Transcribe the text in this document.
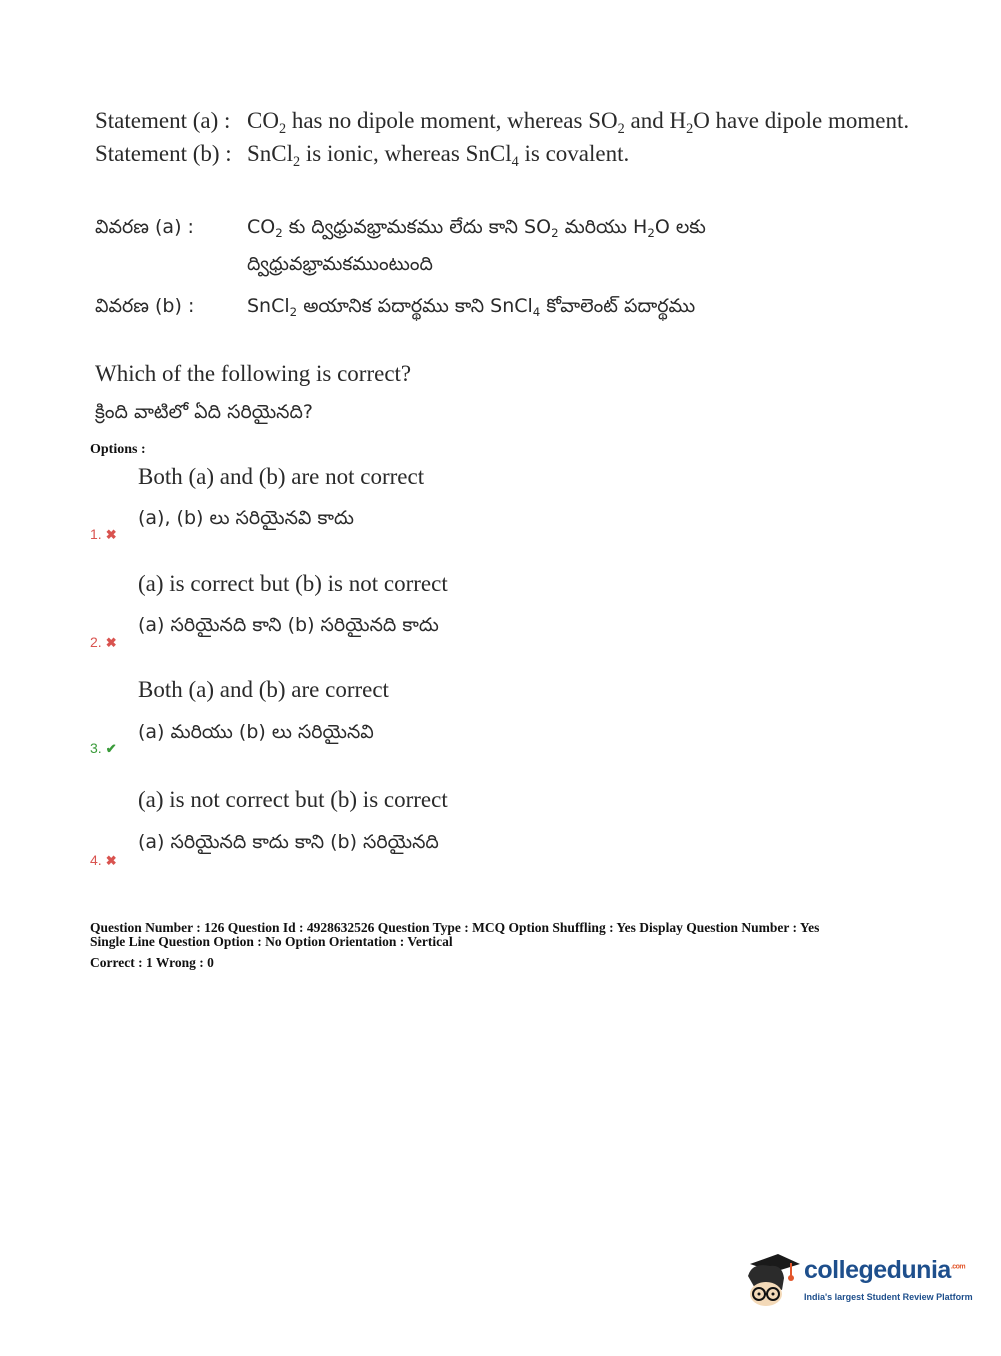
Statement (a) : $CO_2$ has no dipole moment, whereas $SO_2$ and $H_2O$ have dipole moment.
Statement (b) : SnCl$_2$ is ionic, whereas SnCl$_4$ is covalent.
వివరణ (a) :	$CO_2$ కు ద్విధ్రువభ్రామకము లేదు కాని $SO_2$ మరియు $H_2O$ లకు
ద్విధ్రువభ్రామకముంటుంది
వివరణ (b) :	SnCl$_2$ అయానిక పదార్థము కాని SnCl$_4$ కోవాలెంట్ పదార్థము
Which of the following is correct?
క్రింది వాటిలో ఏది సరియైనది?
Options :
Both (a) and (b) are not correct
(a), (b) లు సరియైనవి కాదు
1. ✖
(a) is correct but (b) is not correct
(a) సరియైనది కాని (b) సరియైనది కాదు
2. ✖
Both (a) and (b) are correct
(a) మరియు (b) లు సరియైనవి
3. ✔
(a) is not correct but (b) is correct
(a) సరియైనది కాదు కాని (b) సరియైనది
4. ✖
Question Number : 126 Question Id : 4928632526 Question Type : MCQ Option Shuffling : Yes Display Question Number : Yes
Single Line Question Option : No Option Orientation : Vertical
Correct : 1 Wrong : 0
collegedunia$^{.com}$
India's largest Student Review Platform
